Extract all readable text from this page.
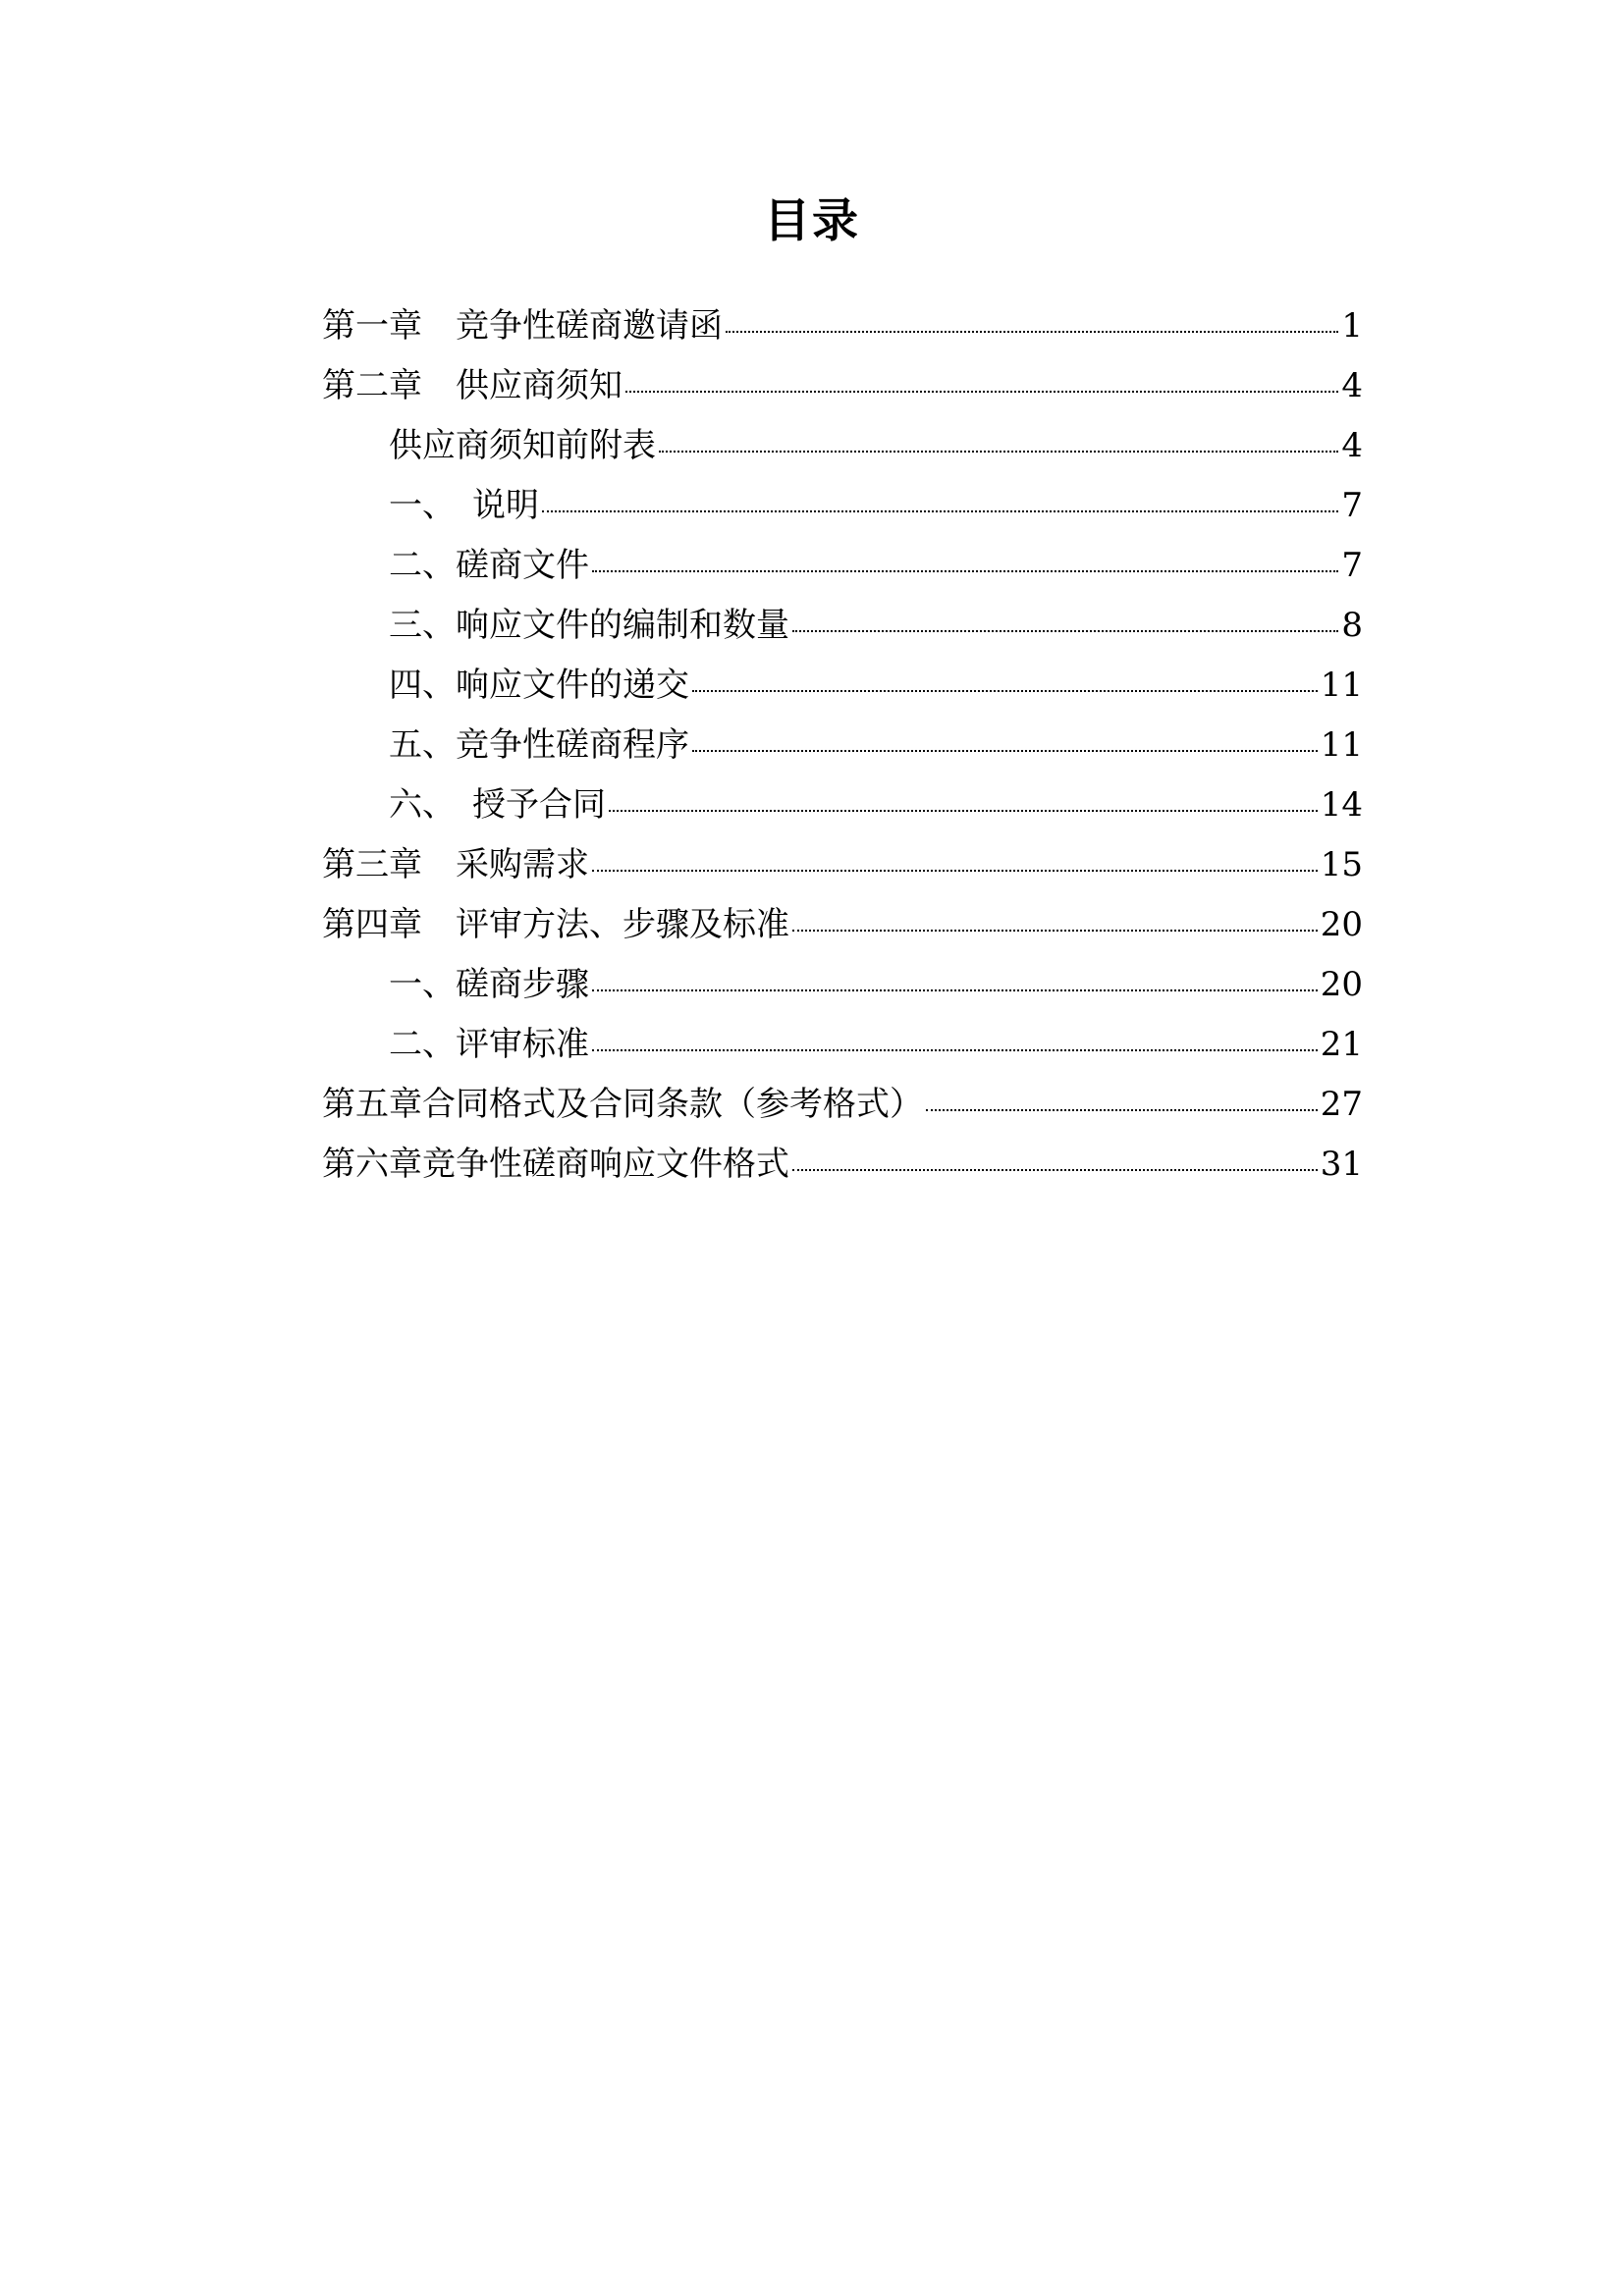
目录
第一章　竞争性磋商邀请函	1
第二章　供应商须知	4
供应商须知前附表	4
一、　说明	7
二、磋商文件	7
三、响应文件的编制和数量	8
四、响应文件的递交	11
五、竞争性磋商程序	11
六、　授予合同	14
第三章　采购需求	15
第四章　评审方法、步骤及标准	20
一、磋商步骤	20
二、评审标准	21
第五章合同格式及合同条款（参考格式）	27
第六章竞争性磋商响应文件格式	31
